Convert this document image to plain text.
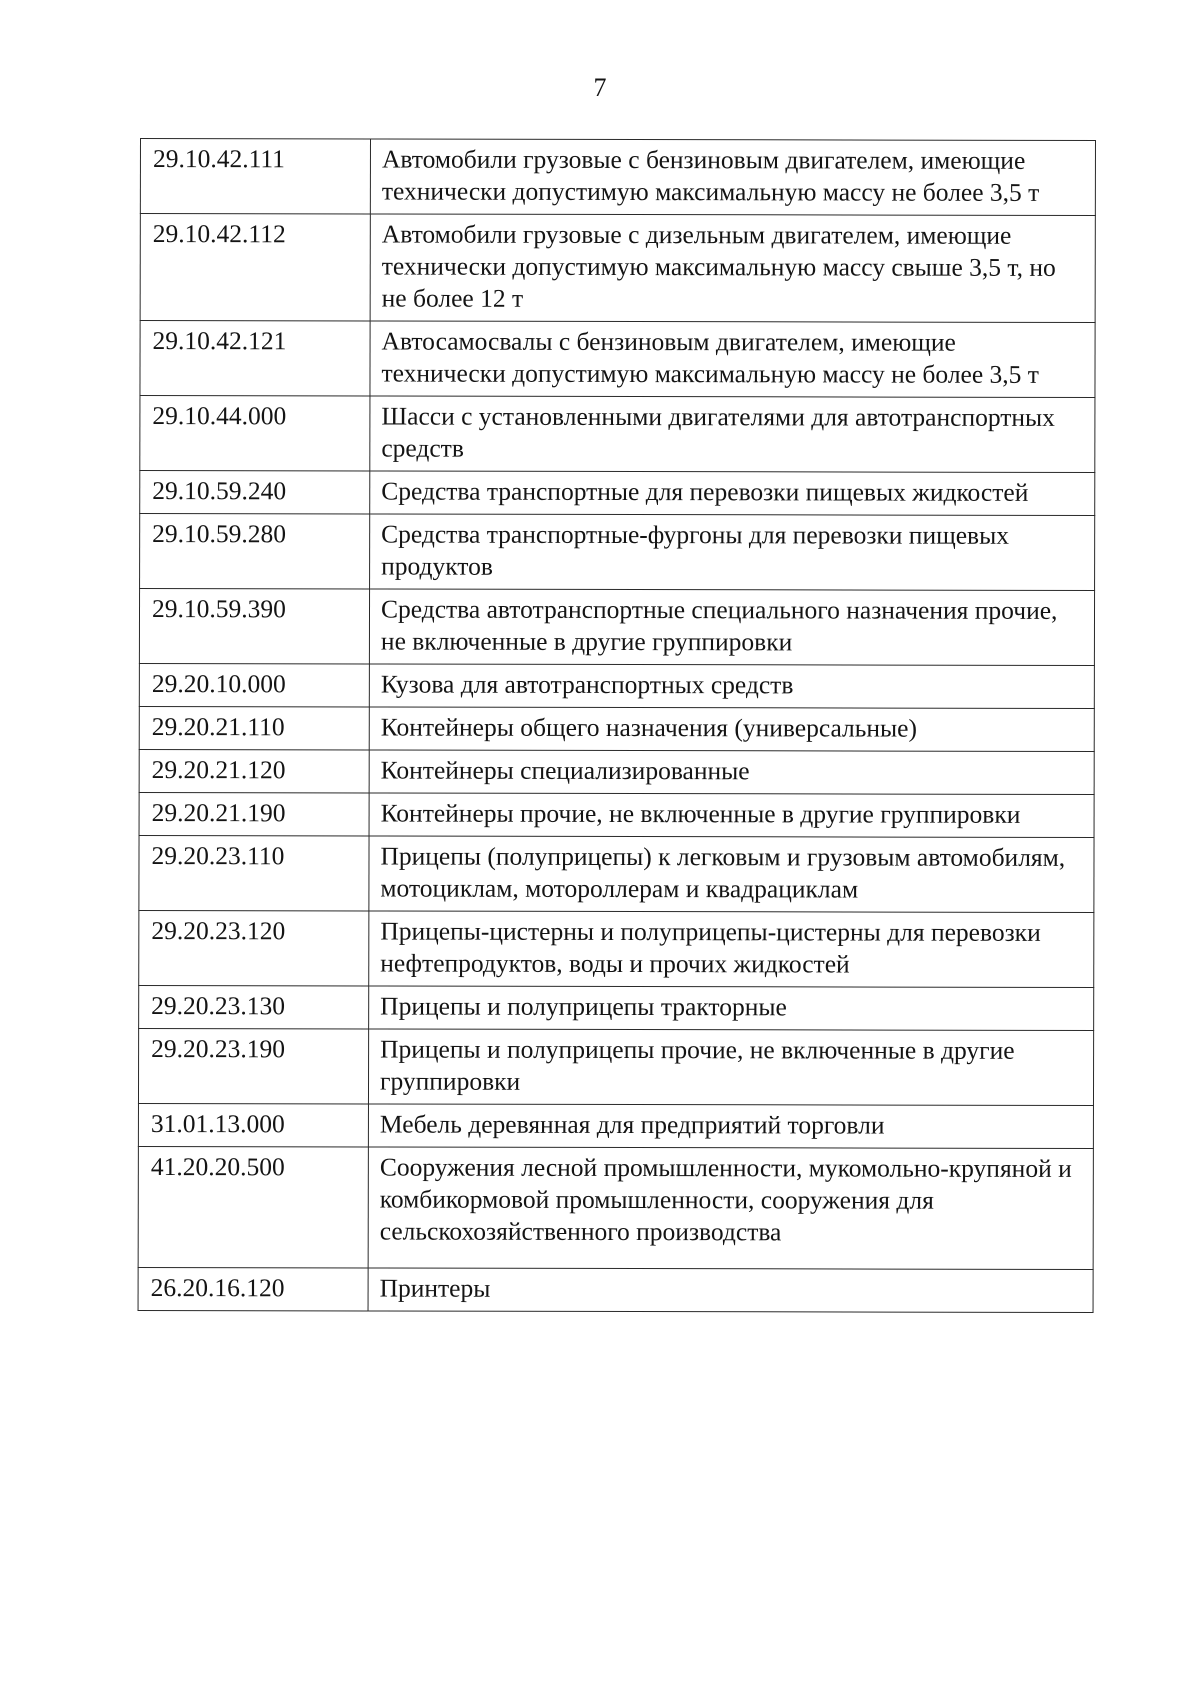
7
29.10.42.111	Автомобили грузовые с бензиновым двигателем, имеющие технически допустимую максимальную массу не более 3,5 т
29.10.42.112	Автомобили грузовые с дизельным двигателем, имеющие технически допустимую максимальную массу свыше 3,5 т, но не более 12 т
29.10.42.121	Автосамосвалы с бензиновым двигателем, имеющие технически допустимую максимальную массу не более 3,5 т
29.10.44.000	Шасси с установленными двигателями для автотранспортных средств
29.10.59.240	Средства транспортные для перевозки пищевых жидкостей
29.10.59.280	Средства транспортные-фургоны для перевозки пищевых продуктов
29.10.59.390	Средства автотранспортные специального назначения прочие, не включенные в другие группировки
29.20.10.000	Кузова для автотранспортных средств
29.20.21.110	Контейнеры общего назначения (универсальные)
29.20.21.120	Контейнеры специализированные
29.20.21.190	Контейнеры прочие, не включенные в другие группировки
29.20.23.110	Прицепы (полуприцепы) к легковым и грузовым автомобилям, мотоциклам, мотороллерам и квадрациклам
29.20.23.120	Прицепы-цистерны и полуприцепы-цистерны для перевозки нефтепродуктов, воды и прочих жидкостей
29.20.23.130	Прицепы и полуприцепы тракторные
29.20.23.190	Прицепы и полуприцепы прочие, не включенные в другие группировки
31.01.13.000	Мебель деревянная для предприятий торговли
41.20.20.500	Сооружения лесной промышленности, мукомольно-крупяной и комбикормовой промышленности, сооружения для сельскохозяйственного производства
26.20.16.120	Принтеры
